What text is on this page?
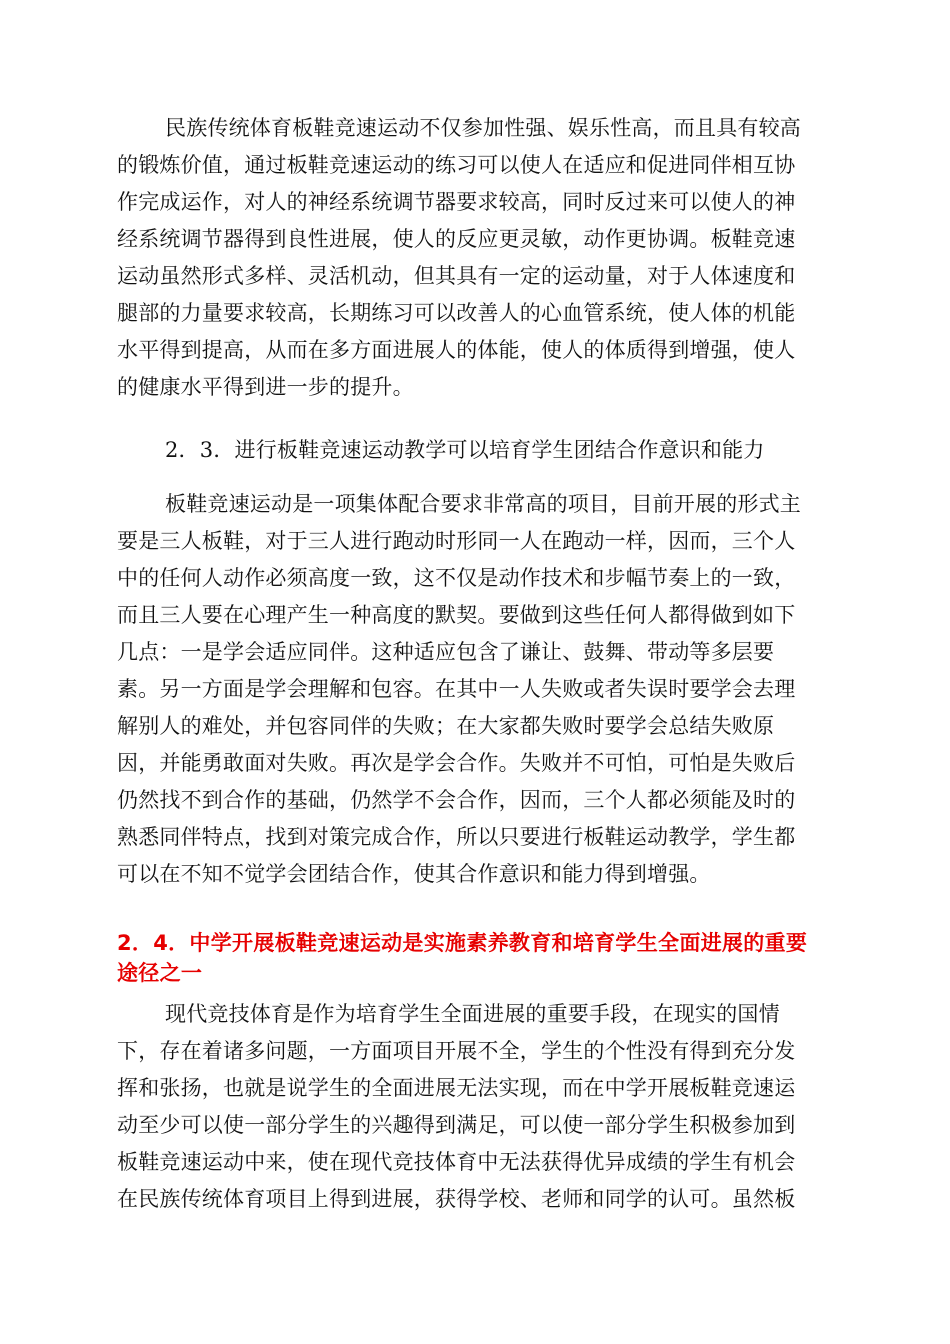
民族传统体育板鞋竞速运动不仅参加性强、娱乐性高，而且具有较高
的锻炼价值，通过板鞋竞速运动的练习可以使人在适应和促进同伴相互协
作完成运作，对人的神经系统调节器要求较高，同时反过来可以使人的神
经系统调节器得到良性进展，使人的反应更灵敏，动作更协调。板鞋竞速
运动虽然形式多样、灵活机动，但其具有一定的运动量，对于人体速度和
腿部的力量要求较高，长期练习可以改善人的心血管系统，使人体的机能
水平得到提高，从而在多方面进展人的体能，使人的体质得到增强，使人
的健康水平得到进一步的提升。
2．3．进行板鞋竞速运动教学可以培育学生团结合作意识和能力
板鞋竞速运动是一项集体配合要求非常高的项目，目前开展的形式主
要是三人板鞋，对于三人进行跑动时形同一人在跑动一样，因而，三个人
中的任何人动作必须高度一致，这不仅是动作技术和步幅节奏上的一致，
而且三人要在心理产生一种高度的默契。要做到这些任何人都得做到如下
几点：一是学会适应同伴。这种适应包含了谦让、鼓舞、带动等多层要
素。另一方面是学会理解和包容。在其中一人失败或者失误时要学会去理
解别人的难处，并包容同伴的失败；在大家都失败时要学会总结失败原
因，并能勇敢面对失败。再次是学会合作。失败并不可怕，可怕是失败后
仍然找不到合作的基础，仍然学不会合作，因而，三个人都必须能及时的
熟悉同伴特点，找到对策完成合作，所以只要进行板鞋运动教学，学生都
可以在不知不觉学会团结合作，使其合作意识和能力得到增强。
2．4．中学开展板鞋竞速运动是实施素养教育和培育学生全面进展的重要
途径之一
现代竞技体育是作为培育学生全面进展的重要手段，在现实的国情
下，存在着诸多问题，一方面项目开展不全，学生的个性没有得到充分发
挥和张扬，也就是说学生的全面进展无法实现，而在中学开展板鞋竞速运
动至少可以使一部分学生的兴趣得到满足，可以使一部分学生积极参加到
板鞋竞速运动中来，使在现代竞技体育中无法获得优异成绩的学生有机会
在民族传统体育项目上得到进展，获得学校、老师和同学的认可。虽然板
